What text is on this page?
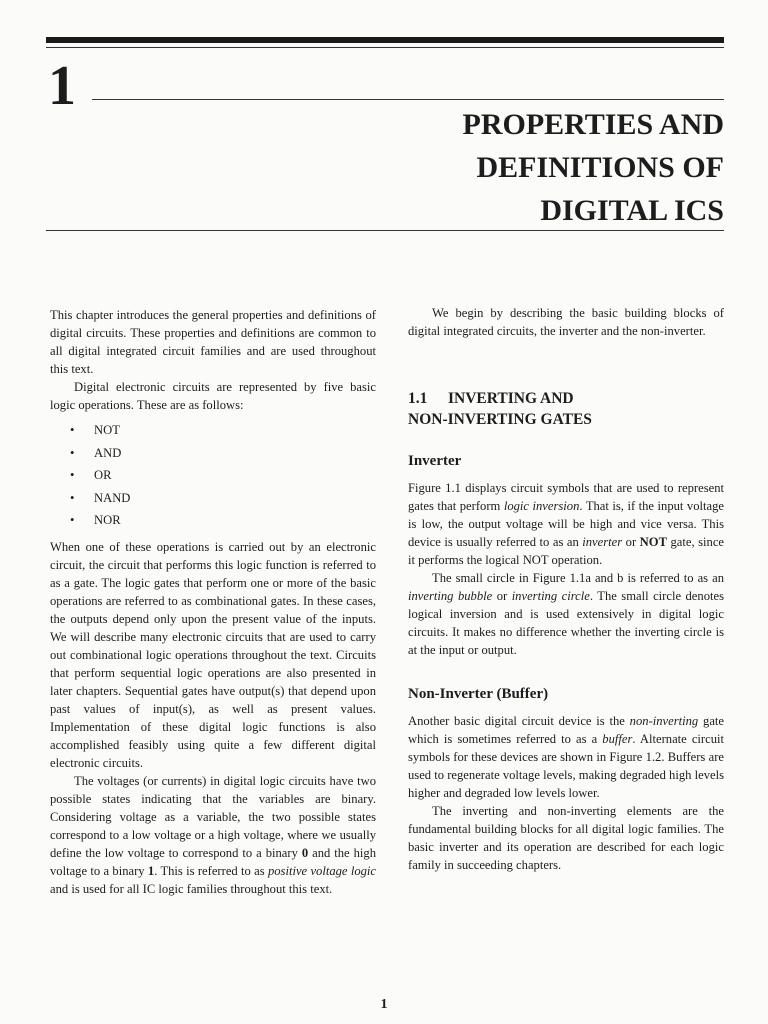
1
PROPERTIES AND
DEFINITIONS OF
DIGITAL ICS

This chapter introduces the general properties and definitions of digital circuits. These properties and definitions are common to all digital integrated circuit families and are used throughout this text.

Digital electronic circuits are represented by five basic logic operations. These are as follows:

• NOT
• AND
• OR
• NAND
• NOR

When one of these operations is carried out by an electronic circuit, the circuit that performs this logic function is referred to as a gate. The logic gates that perform one or more of the basic operations are referred to as combinational gates. In these cases, the outputs depend only upon the present value of the inputs. We will describe many electronic circuits that are used to carry out combinational logic operations throughout the text. Circuits that perform sequential logic operations are also presented in later chapters. Sequential gates have output(s) that depend upon past values of input(s), as well as present values. Implementation of these digital logic functions is also accomplished feasibly using quite a few different digital electronic circuits.

The voltages (or currents) in digital logic circuits have two possible states indicating that the variables are binary. Considering voltage as a variable, the two possible states correspond to a low voltage or a high voltage, where we usually define the low voltage to correspond to a binary 0 and the high voltage to a binary 1. This is referred to as positive voltage logic and is used for all IC logic families throughout this text.

We begin by describing the basic building blocks of digital integrated circuits, the inverter and the non-inverter.

1.1 INVERTING AND
NON-INVERTING GATES
Inverter

Figure 1.1 displays circuit symbols that are used to represent gates that perform logic inversion. That is, if the input voltage is low, the output voltage will be high and vice versa. This device is usually referred to as an inverter or NOT gate, since it performs the logical NOT operation.

The small circle in Figure 1.1a and b is referred to as an inverting bubble or inverting circle. The small circle denotes logical inversion and is used extensively in digital logic circuits. It makes no difference whether the inverting circle is at the input or output.

Non-Inverter (Buffer)

Another basic digital circuit device is the non-inverting gate which is sometimes referred to as a buffer. Alternate circuit symbols for these devices are shown in Figure 1.2. Buffers are used to regenerate voltage levels, making degraded high levels higher and degraded low levels lower.

The inverting and non-inverting elements are the fundamental building blocks for all digital logic families. The basic inverter and its operation are described for each logic family in succeeding chapters.

1
